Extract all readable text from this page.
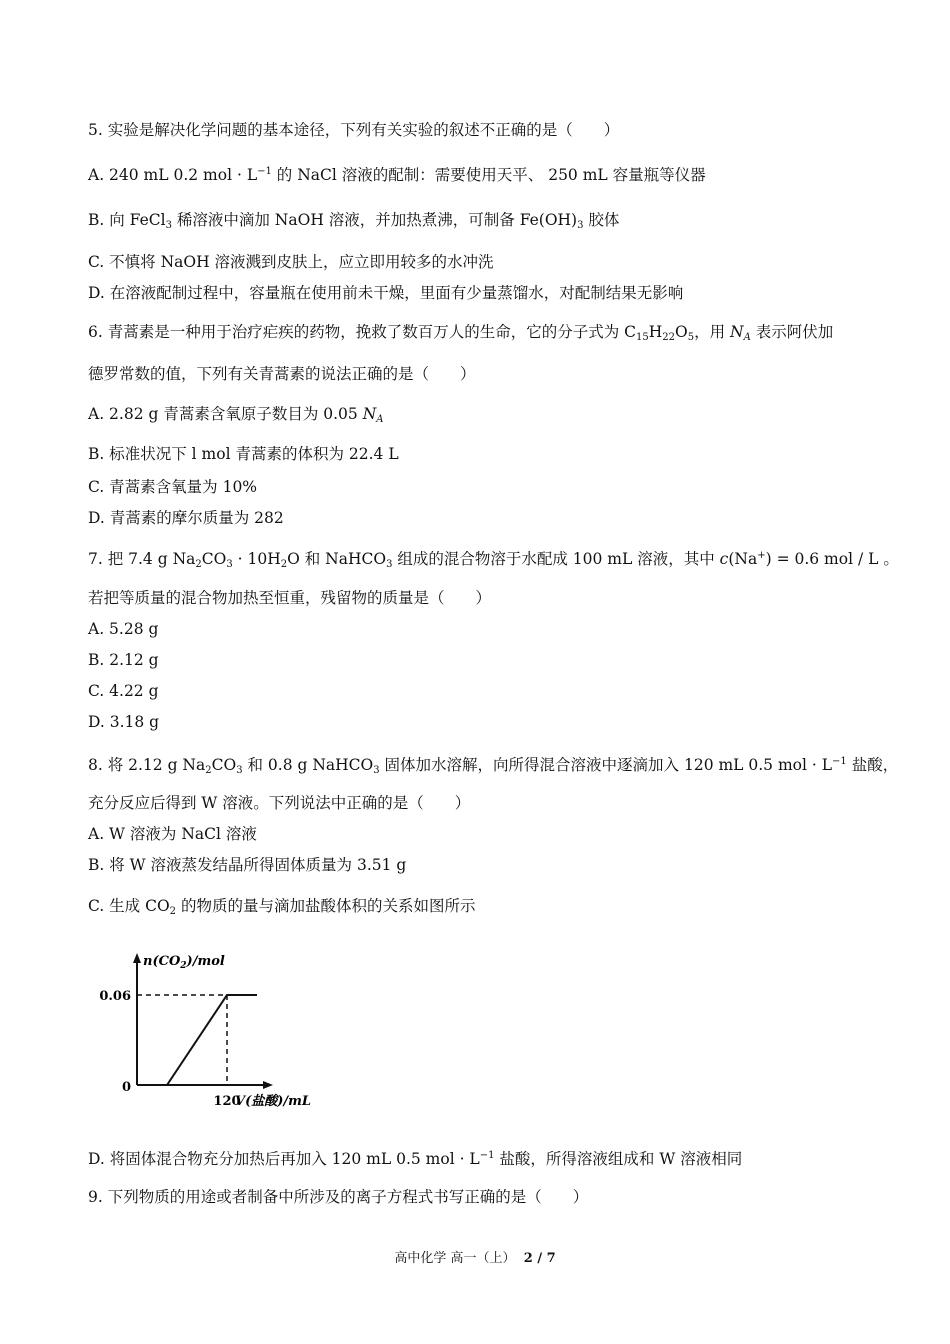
5. 实验是解决化学问题的基本途径，下列有关实验的叙述不正确的是（　　）
A. 240 mL 0.2 mol · $L^{-1}$ 的 NaCl 溶液的配制：需要使用天平、 250 mL 容量瓶等仪器
B. 向 FeCl$_3$ 稀溶液中滴加 NaOH 溶液，并加热煮沸，可制备 $Fe(OH)_3$ 胶体
C. 不慎将 NaOH 溶液溅到皮肤上，应立即用较多的水冲洗
D. 在溶液配制过程中，容量瓶在使用前未干燥，里面有少量蒸馏水，对配制结果无影响
6. 青蒿素是一种用于治疗疟疾的药物，挽救了数百万人的生命，它的分子式为 $C_{15}H_{22}O_5$，用 $N_A$ 表示阿伏加
德罗常数的值，下列有关青蒿素的说法正确的是（　　）
A. 2.82 g 青蒿素含氧原子数目为 0.05 $N_A$
B. 标准状况下 l mol 青蒿素的体积为 22.4 L
C. 青蒿素含氧量为 10%
D. 青蒿素的摩尔质量为 282
7. 把 7.4 g $Na_2CO_3 \cdot 10H_2O$ 和 NaHCO$_3$ 组成的混合物溶于水配成 100 mL 溶液，其中 c(Na+) = 0.6 mol / L 。
若把等质量的混合物加热至恒重，残留物的质量是（　　）
A. 5.28 g
B. 2.12 g
C. 4.22 g
D. 3.18 g
8. 将 2.12 g $Na_2CO_3$ 和 0.8 g NaHCO$_3$ 固体加水溶解，向所得混合溶液中逐滴加入 120 mL 0.5 mol · $L^{-1}$ 盐酸，
充分反应后得到 W 溶液。下列说法中正确的是（　　）
A. W 溶液为 NaCl 溶液
B. 将 W 溶液蒸发结晶所得固体质量为 3.51 g
C. 生成 $CO_2$ 的物质的量与滴加盐酸体积的关系如图所示
$n(CO_2)$/mol
0.06
0
120
V(盐酸)/mL
D. 将固体混合物充分加热后再加入 120 mL 0.5 mol · $L^{-1}$ 盐酸，所得溶液组成和 W 溶液相同
9. 下列物质的用途或者制备中所涉及的离子方程式书写正确的是（　　）
高中化学 高一（上） 2 / 7
